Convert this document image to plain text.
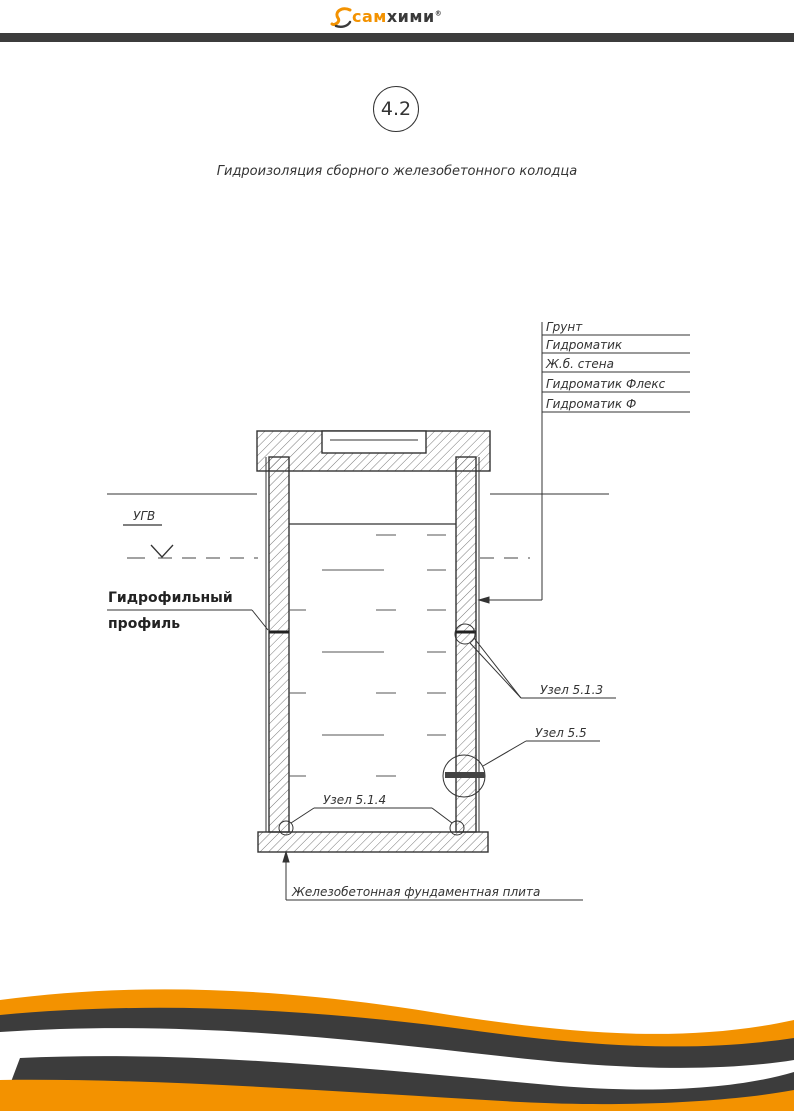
самхими®
4.2
Гидроизоляция сборного железобетонного колодца
Грунт
Гидроматик
Ж.б. стена
Гидроматик Флекс
Гидроматик Ф
УГВ
Гидрофильный
профиль
Узел 5.1.3
Узел 5.5
Узел 5.1.4
Железобетонная фундаментная плита
